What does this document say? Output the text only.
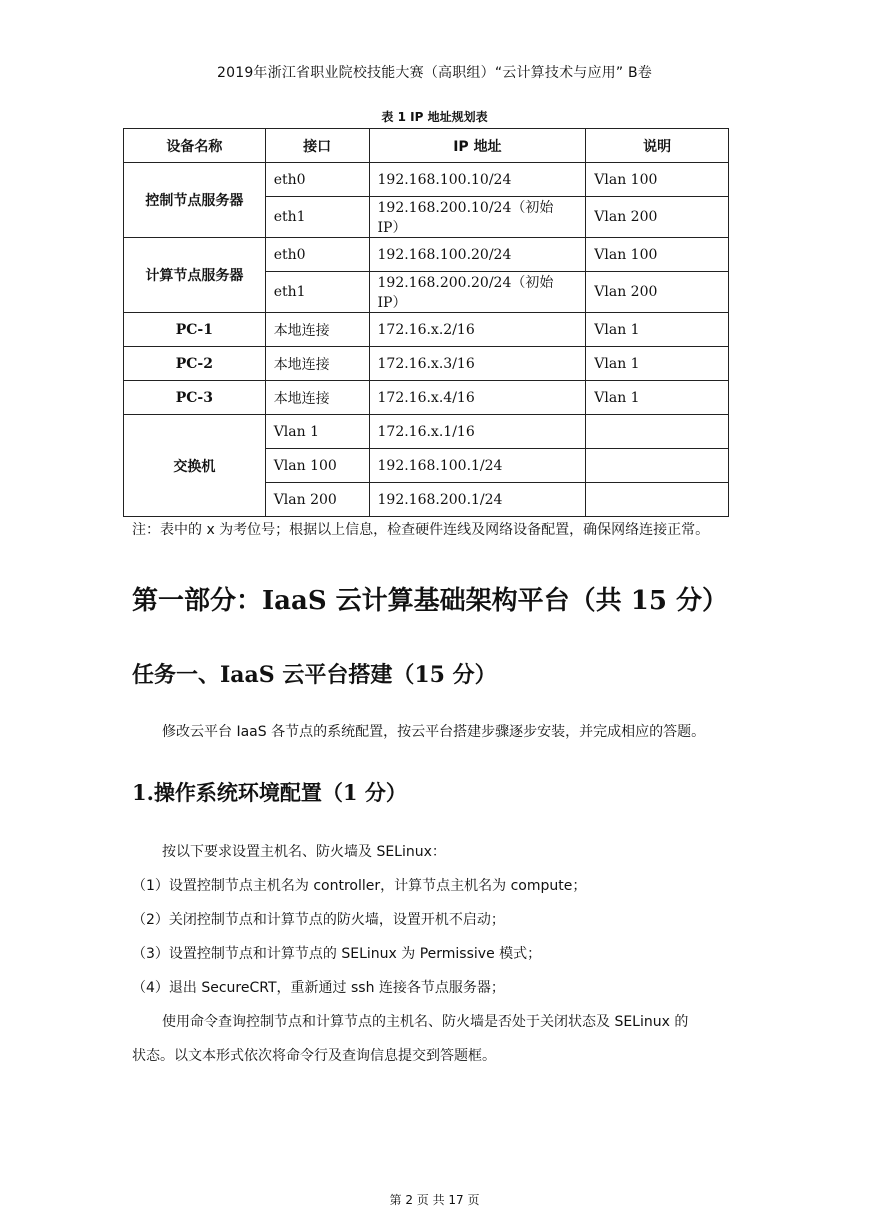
2019年浙江省职业院校技能大赛（高职组）“云计算技术与应用” B卷
表 1 IP 地址规划表
设备名称	接口	IP 地址	说明
控制节点服务器	eth0	192.168.100.10/24	Vlan 100
	eth1	192.168.200.10/24（初始 IP）	Vlan 200
计算节点服务器	eth0	192.168.100.20/24	Vlan 100
	eth1	192.168.200.20/24（初始 IP）	Vlan 200
PC-1	本地连接	172.16.x.2/16	Vlan 1
PC-2	本地连接	172.16.x.3/16	Vlan 1
PC-3	本地连接	172.16.x.4/16	Vlan 1
交换机	Vlan 1	172.16.x.1/16	
	Vlan 100	192.168.100.1/24	
	Vlan 200	192.168.200.1/24	
注：表中的 x 为考位号；根据以上信息，检查硬件连线及网络设备配置，确保网络连接正常。
第一部分：IaaS 云计算基础架构平台（共 15 分）
任务一、IaaS 云平台搭建（15 分）
修改云平台 IaaS 各节点的系统配置，按云平台搭建步骤逐步安装，并完成相应的答题。
1.操作系统环境配置（1 分）
按以下要求设置主机名、防火墙及 SELinux：
（1）设置控制节点主机名为 controller，计算节点主机名为 compute；
（2）关闭控制节点和计算节点的防火墙，设置开机不启动；
（3）设置控制节点和计算节点的 SELinux 为 Permissive 模式；
（4）退出 SecureCRT，重新通过 ssh 连接各节点服务器；
使用命令查询控制节点和计算节点的主机名、防火墙是否处于关闭状态及 SELinux 的
状态。以文本形式依次将命令行及查询信息提交到答题框。
第 2 页 共 17 页
